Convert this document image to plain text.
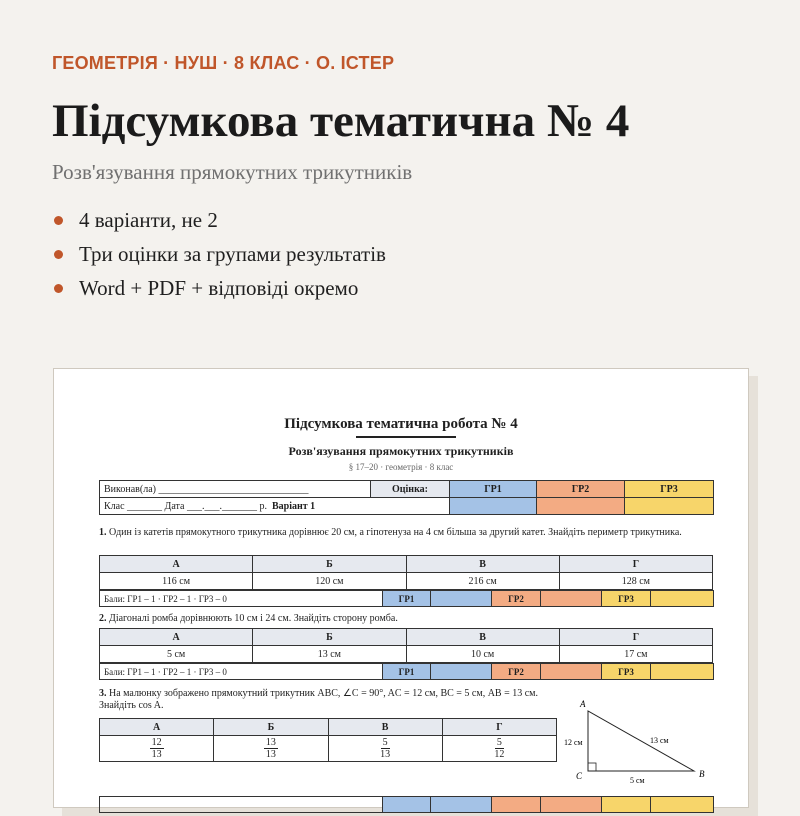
ГЕОМЕТРІЯ · НУШ · 8 КЛАС · О. ІСТЕР
Підсумкова тематична № 4
Розв'язування прямокутних трикутників
4 варіанти, не 2
Три оцінки за групами результатів
Word + PDF + відповіді окремо
Підсумкова тематична робота № 4
Розв'язування прямокутних трикутників
§ 17–20 · геометрія · 8 клас
Виконав(ла) ______________________________	Оцінка:	ГР1	ГР2	ГР3
Клас _______ Дата ___.___._______ р. Варіант 1				
1. Один із катетів прямокутного трикутника дорівнює 20 см, а гіпотенуза на 4 см більша за другий катет. Знайдіть периметр трикутника.
А	Б	В	Г
116 см	120 см	216 см	128 см
Бали: ГР1 – 1 · ГР2 – 1 · ГР3 – 0	ГР1		ГР2		ГР3	
2. Діагоналі ромба дорівнюють 10 см і 24 см. Знайдіть сторону ромба.
А	Б	В	Г
5 см	13 см	10 см	17 см
Бали: ГР1 – 1 · ГР2 – 1 · ГР3 – 0	ГР1		ГР2		ГР3	
3. На малюнку зображено прямокутний трикутник ABC, ∠C = 90°, AC = 12 см, BC = 5 см, AB = 13 см. Знайдіть cos A.
А	Б	В	Г

$\frac{12}{13}$	$\frac{13}{13}$	$\frac{5}{13}$	$\frac{5}{12}$
A
C	B
12 см	13 см
5 см
